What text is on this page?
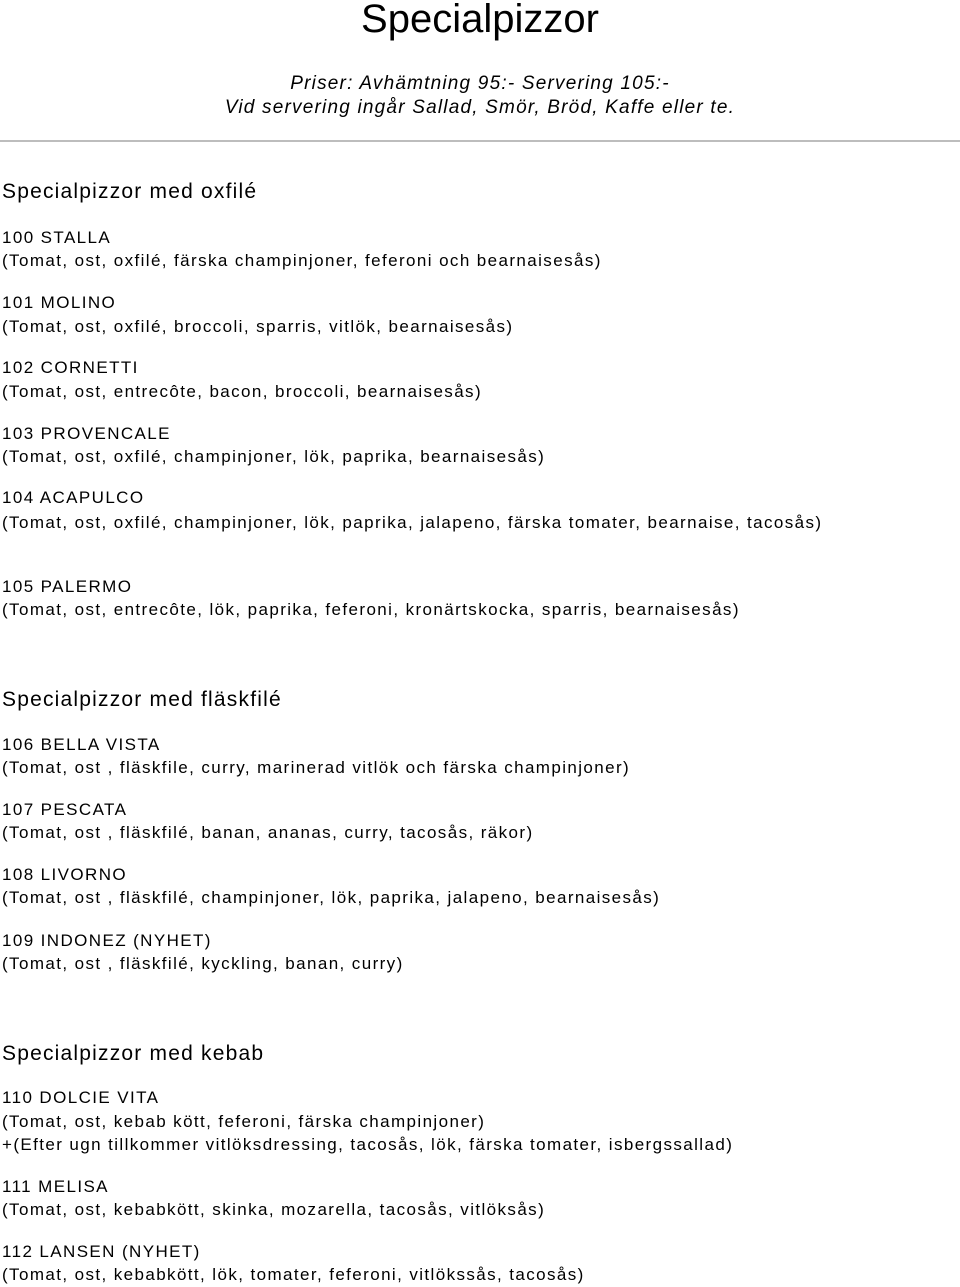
Specialpizzor
Priser: Avhämtning 95:- Servering 105:-
Vid servering ingår Sallad, Smör, Bröd, Kaffe eller te.
Specialpizzor med oxfilé
100 STALLA
(Tomat, ost, oxfilé, färska champinjoner, feferoni och bearnaisesås)
101 MOLINO
(Tomat, ost, oxfilé, broccoli, sparris, vitlök, bearnaisesås)
102 CORNETTI
(Tomat, ost, entrecôte, bacon, broccoli, bearnaisesås)
103 PROVENCALE
(Tomat, ost, oxfilé, champinjoner, lök, paprika, bearnaisesås)
104 ACAPULCO
(Tomat, ost, oxfilé, champinjoner, lök, paprika, jalapeno, färska tomater, bearnaise, tacosås)
105 PALERMO
(Tomat, ost, entrecôte, lök, paprika, feferoni, kronärtskocka, sparris, bearnaisesås)
Specialpizzor med fläskfilé
106 BELLA VISTA
(Tomat, ost , fläskfile, curry, marinerad vitlök och färska champinjoner)
107 PESCATA
(Tomat, ost , fläskfilé, banan, ananas, curry, tacosås, räkor)
108 LIVORNO
(Tomat, ost , fläskfilé, champinjoner, lök, paprika, jalapeno, bearnaisesås)
109 INDONEZ (NYHET)
(Tomat, ost , fläskfilé, kyckling, banan, curry)
Specialpizzor med kebab
110 DOLCIE VITA
(Tomat, ost, kebab kött, feferoni, färska champinjoner)
+(Efter ugn tillkommer vitlöksdressing, tacosås, lök, färska tomater, isbergssallad)
111 MELISA
(Tomat, ost, kebabkött, skinka, mozarella, tacosås, vitlöksås)
112 LANSEN (NYHET)
(Tomat, ost, kebabkött, lök, tomater, feferoni, vitlökssås, tacosås)
